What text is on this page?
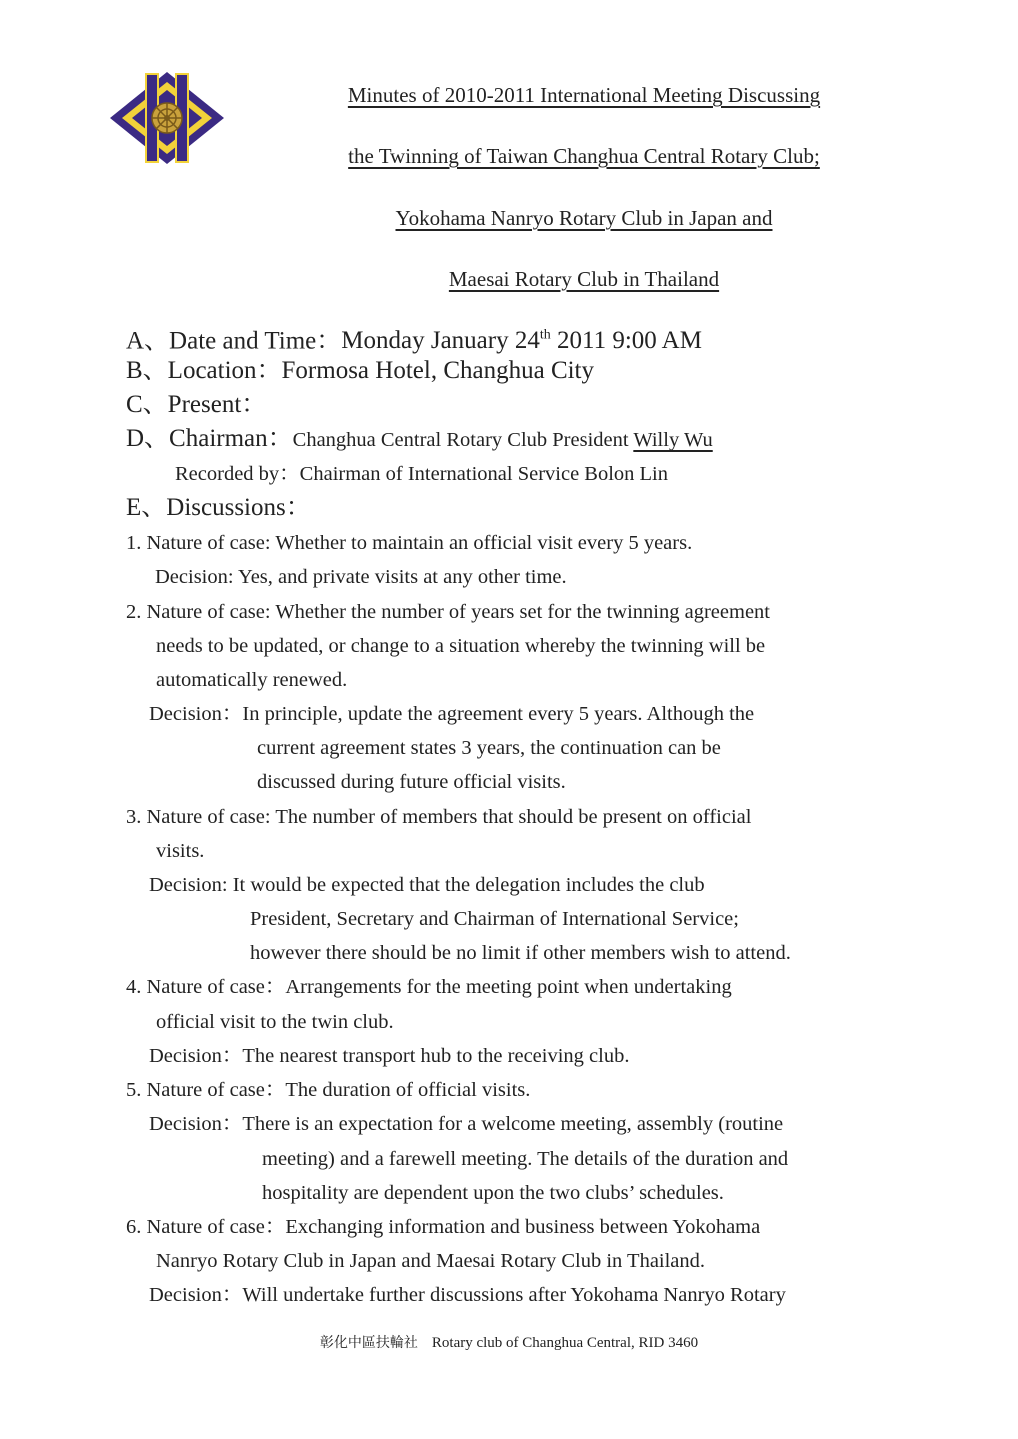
Minutes of 2010-2011 International Meeting Discussing
the Twinning of Taiwan Changhua Central Rotary Club;
Yokohama Nanryo Rotary Club in Japan and
Maesai Rotary Club in Thailand
A、Date and Time：Monday January 24th 2011 9:00 AM
B、Location：Formosa Hotel, Changhua City
C、Present：
D、Chairman：Changhua Central Rotary Club President Willy Wu
Recorded by：Chairman of International Service Bolon Lin
E、Discussions：
1. Nature of case: Whether to maintain an official visit every 5 years.
Decision: Yes, and private visits at any other time.
2. Nature of case: Whether the number of years set for the twinning agreement
needs to be updated, or change to a situation whereby the twinning will be
automatically renewed.
Decision：In principle, update the agreement every 5 years. Although the
current agreement states 3 years, the continuation can be
discussed during future official visits.
3. Nature of case: The number of members that should be present on official
visits.
Decision: It would be expected that the delegation includes the club
President, Secretary and Chairman of International Service;
however there should be no limit if other members wish to attend.
4. Nature of case：Arrangements for the meeting point when undertaking
official visit to the twin club.
Decision：The nearest transport hub to the receiving club.
5. Nature of case：The duration of official visits.
Decision：There is an expectation for a welcome meeting, assembly (routine
meeting) and a farewell meeting. The details of the duration and
hospitality are dependent upon the two clubs’ schedules.
6. Nature of case：Exchanging information and business between Yokohama
Nanryo Rotary Club in Japan and Maesai Rotary Club in Thailand.
Decision：Will undertake further discussions after Yokohama Nanryo Rotary
彰化中區扶輪社 Rotary club of Changhua Central, RID 3460
